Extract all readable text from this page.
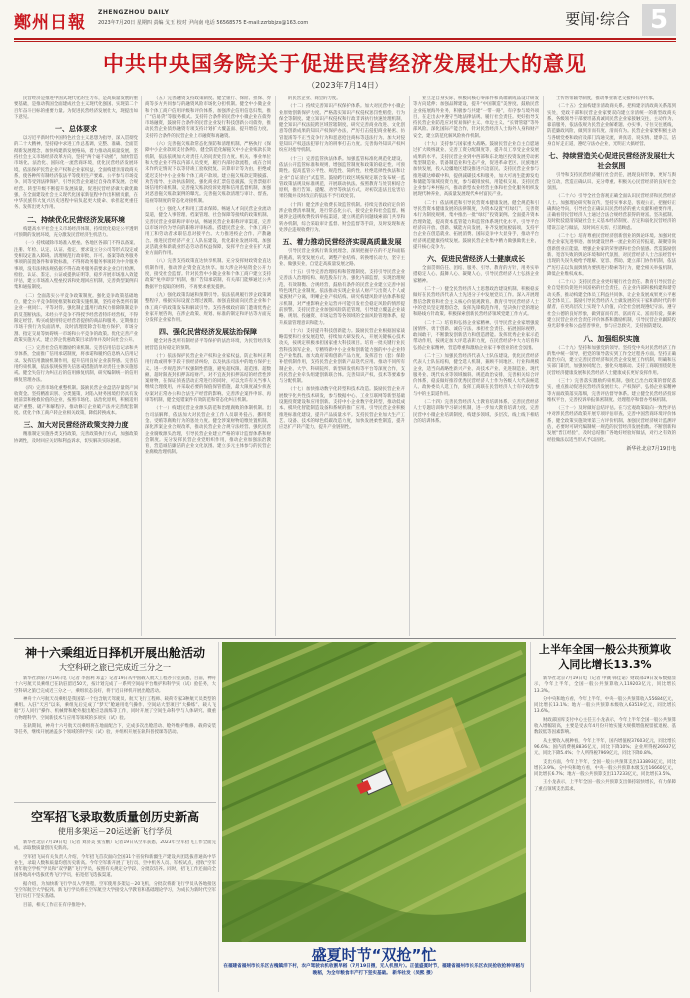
鄭州日報
ZHENGZHOU DAILY
2023年7月20日 星期四 责编 戈玉 校对 尹向南 电话 56568575 E-mail:zzrbbjzx@163.com	要闻·综合 5
中共中央国务院关于促进民营经济发展壮大的意见
（2023年7月14日）

民营经济是推进中国式现代化的生力军，是高质量发展的重要基础，是推动我国全面建成社会主义现代化强国、实现第二个百年奋斗目标的重要力量。为促进民营经济发展壮大，现提出如下意见。

一、总体要求

以习近平新时代中国特色社会主义思想为指导，深入贯彻党的二十大精神，坚持稳中求进工作总基调，完整、准确、全面贯彻新发展理念，加快构建新发展格局，着力推动高质量发展，坚持社会主义市场经济改革方向，坚持“两个毫不动摇”，加快营造市场化、法治化、国际化一流营商环境，优化民营经济发展环境，依法保护民营企业产权和企业家权益，全面构建亲清政商关系，使各种所有制经济依法平等使用生产要素、公平参与市场竞争、同等受到法律保护，引导民营企业通过自身改革发展、合规经营、转型升级不断提升发展质量，促进民营经济做大做优做强，在全面建设社会主义现代化国家新征程中作出积极贡献，在中华民族伟大复兴历史进程中肩负起更大使命、承担起更重任务、发挥出更大作用。

二、持续优化民营经济发展环境

构建高水平社会主义市场经济体制，持续优化稳定公平透明可预期的发展环境，充分激发民营经济生机活力。

（一）持续破除市场准入壁垒。各地区各部门不得以备案、注册、年检、认定、认证、指定、要求设立分公司等形式设定或变相设定准入障碍。清理规范行政审批、许可、备案等政务服务事项的前置条件和审批标准，不得将政务服务事项转为中介服务事项，没有法律法规依据不得在政务服务前要求企业自行检测、检验、认证、鉴定、公证或提供证明等，稳步开展市场准入效能评估，建立市场准入壁垒投诉和处理回应机制，完善典型案例归集和通报制度。

（二）全面落实公平竞争政策制度。强化竞争政策基础地位，健全公平竞争制度框架和政策实施机制，坚持对各类所有制企业一视同仁、平等对待。强化制止滥用行政权力排除限制竞争的反垄断执法。未经公平竞争不得授予经营者特许经营权，不得限定经营、购买或使用特定经营者提供的商品和服务。定期推出市场干预行为负面清单，及时清理废除含有地方保护、市场分割、指定交易等妨碍统一市场和公平竞争的政策。优化完善产业政策实施方式，建立涉企优惠政策目录清单并及时向社会公开。

（三）完善社会信用激励约束机制。完善信用信息记录和共享体系，全面推广信用承诺制度，将承诺和履约信息纳入信用记录。发挥信用激励机制作用，提升信用良好企业获得感。完善信用约束机制，依法依规按照失信惩戒措施清单对责任主体实施惩戒。健全失信行为纠正后的信用修复机制，研究编制统一的信用修复管理办法。

（四）完善市场化重整机制。鼓励民营企业盘活存量资产回收资金。坚持精准识别、分类施策，对陷入财务困境但仍具有发展前景和挽救价值的企业，按照市场化、法治化原则，积极适用破产重整、破产和解程序。推动修订企业破产法并完善配套制度。优化个体工商户转企业相关政策，降低转换成本。

三、加大对民营经济政策支持力度

精准制定实施各类支持政策，完善政策执行方式，加强政策协调性，及时回应关切和利益诉求，切实解决实际困难。

（五）完善融资支持政策制度。健全银行、保险、担保、券商等多方共同参与的融资风险市场化分担机制。健全中小微企业和个体工商户信用评级和评价体系，加强涉企信用信息归集，推广“信易贷”等服务模式。支持符合条件的民营中小微企业在债券市场融资，鼓励符合条件的民营企业发行科技创新公司债券，推动民营企业债券融资专项支持计划扩大覆盖面、提升增信力度。支持符合条件的民营企业上市融资和再融资。

（六）完善拖欠账款常态化预防和清理机制。严格执行《保障中小企业款项支付条例》，健全防范化解拖欠中小企业账款长效机制，依法依规加大对责任人的问责处罚力度。机关、事业单位和大型企业不得以内部人员变更，履行内部付款流程，或在合同未作约定情况下以等待竣工验收批复、决算审计等为由，拒绝或延迟支付中小企业和个体工商户款项。建立拖欠账款定期披露、劝告指导、主动执法制度。强化商业汇票信息披露，完善票据市场信用约束机制。完善拖欠账款投诉处理和信用监督机制，加强对恶意拖欠账款案例的曝光。完善拖欠账款清理与审计、督查、巡视等制度的常态化对接机制。

（七）强化人才和用工需求保障。畅通人才向民营企业流动渠道，健全人事管理、档案管理、社会保障等接续的政策机制。完善民营企业职称评审办法，畅通民营企业职称评审渠道，完善以市场评价为导向的职称评审标准。搭建民营企业、个体工商户用工和劳动者求职信息对接平台。大力推进校企合作、产教融合。推进民营经济产业工人队伍建设，优化职业发展环境。加强灵活就业和新就业形态劳动者权益保障，发挥平台企业在扩大就业方面的作用。

（八）完善支持政策直达快享机制。充分发挥财政资金直达机制作用，推动涉企资金直达快享。加大涉企补贴资金公开力度，接受社会监督。针对民营中小微企业和个体工商户建立支持政策“免申即享”机制，推广告知承诺制，有关部门能够通过公共数据平台提取的材料，不再要求重复提供。

（九）强化政策沟通和预期引导。依法依规履行涉企政策调整程序，根据实际设置合理过渡期。加强直接面向民营企业和个体工商户的政策发布和解读引导。支持各级政府部门邀请优秀企业家开展咨询，在涉企政策、规划、标准的制定和评估等方面充分发挥企业家作用。

四、强化民营经济发展法治保障

健全对各类所有制经济平等保护的法治环境，为民营经济发展营造良好稳定的预期。

（十）依法保护民营企业产权和企业家权益。防止和纠正利用行政或刑事手段干预经济纠纷，以及执法司法中的地方保护主义。进一步规范涉产权强制性措施，避免超权限、超范围、超数额、超时限查封扣押冻结财产。对不宜查封扣押冻结的经营性涉案财物，在保证侦查活动正常进行的同时，可以允许有关当事人继续合理使用，并采取必要的保值保管措施，最大限度减少侦查办案对正常办公和合法生产经营的影响。完善涉企案件申诉、再审等机制，健全冤错案件有效防范和常态化纠正机制。

（十一）构建民营企业源头防范和治理腐败的体制机制。出台司法解释，依法加大对民营企业工作人员职务侵占、挪用资金、受贿等腐败行为的惩处力度。健全涉案财物追缴处置机制。深化涉案企业合规改革，推动民营企业合规守法经营。强化民营企业腐败源头治理，引导民营企业建立严格的审计监督体系和财会制度。充分发挥民营企业党组织作用，推动企业加强法治教育，营造诚信廉洁的企业文化氛围。建立多元主体参与的民营企业腐败治理机制。

的民营企业、商会的力度。

（十二）持续完善知识产权保护体系。加大对民营中小微企业原始创新保护力度。严格落实知识产权侵权惩罚性赔偿、行为保全等制度。建立知识产权侵权和行政非诉执行快速处理机制，健全知识产权法院跨区域管辖制度。研究完善商业改进、文化创意等创新成果的知识产权保护办法，严厉打击侵犯商业秘密、仿冒混淆等不正当竞争行为和恶意抢注商标等违法行为。加大对侵犯知识产权违法犯罪行为的刑事打击力度。完善海外知识产权纠纷应对指导机制。

（十三）完善监管执法体系。加强监管标准化规范化建设，依法公开监管标准和规则，增强监管制度和政策的稳定性、可预期性。提高监管公平性、规范性、简约性，杜绝选择性执法和让企业“自证清白”式监管。鼓励跨行政区域按规定联合发布统一监管政策法规及标准规范，开展联动执法。按照教育与处罚相结合原则，推行告知、提醒、劝导等执法方式，对初次违法且危害后果轻微并及时改正的依法不予行政处罚。

（十四）健全涉企收费长效监管机制。持续完善政府定价的涉企收费清单制度，进行常态化公示，接受企业和社会监督。畅通涉企违规收费投诉举报渠道，建立规范的问题线索部门共享和转办机制，综合采取审计监督、财会监督等手段，及时发现和查处涉企违规收费行为。

五、着力推动民营经济实现高质量发展

引导民营企业践行新发展理念，深刻把握存在的不足和面临的挑战，转变发展方式、调整产业结构、转换增长动力，坚守主业、做强实业，自觉走高质量发展之路。

（十五）引导完善治理结构和管理制度。支持引导民营企业完善法人治理结构、规范股东行为、强化内部监督，实现治理规范、有效制衡、合规经营，鼓励有条件的民营企业建立完善中国特色现代企业制度。依法推动实现企业法人财产与出资人个人或家族财产分离，明晰企业产权结构。研究构建风险评估体系和提示机制，对严重影响企业运营并可能引发社会稳定风险的情形提前预警。支持民营企业加强风险防范管理，引导建立覆盖企业战略、规划、投融资、市场运营等各领域的全面风险管理体系，提升质量管理意识和能力。

（十六）支持提升科技创新能力。鼓励民营企业根据国家战略需要和行业发展趋势，持续加大研发投入，开展关键核心技术攻关，按规定积极承担国家重大科技项目。培育一批关键行业民营科技领军企业、专精特新中小企业和创新能力强的中小企业特色产业集群。加大政府采购创新产品力度，发挥首台（套）保险补偿机制作用，支持民营企业创新产品迭代应用。推动不同所有制企业、大学、科研院所、新型研发机构等平台等深度合作，支持民营企业牵头组建创新联合体。完善知识产权、技术等要素参与分配机制。

（十七）加快推动数字化转型和技术改造。鼓励民营企业开展数字化共性技术研发，参与数据中心、工业互联网等新型基础设施投资建设和应用创新。支持中小企业数字化转型，推动低成本、模块化智能制造设备和系统的推广应用。引导民营企业积极推进标准化建设，提升产品质量水平。支持民营企业加大生产工艺、设备、技术的绿色低碳改造力度，加快发展柔性制造，提升应急扩产转产能力，提升产业链韧性。

业立足自身实际，积极向核心零部件和高端制成品设计研发等方向延伸；加强品牌建设，提升“中国制造”美誉度。鼓励民营企业拓展海外业务，积极参与共建“一带一路”，有序参与境外项目，在走出去中遵守当地法律法规、履行社会责任。更好指导支持民营企业防范应对贸易保护主义、单边主义、“长臂管辖”等外部风险。深化国际产能合作，针对民营经济人士海外人身和财产安全，建立防范化解风险协作机制。

（十九）支持参与国家重大战略。鼓励民营企业自主自愿通过扩大吸纳就业、完善工资分配制度等，提升员工享受企业发展成果的水平。支持民营企业到中西部和东北地区投资发展劳动密集型制造业、装备制造业和生态产业，促进革命老区、民族地区加快发展，投入边疆地区建设推进兴边富民。支持民营企业参与推进碳达峰碳中和，提供减碳技术和服务，加大可再生能源发电和储能等领域投资力度，参与碳排放权、用能权交易。支持民营企业参与乡村振兴，推动新型农业经营主体和社会化服务组织发展现代种养业，高质量发展现代乡村富民产业。

（二十）依法规范和引导民营资本健康发展。健全规范和引导民营资本健康发展的法律制度，为资本设置“红绿灯”，完善资本行为制度规则，集中推出一批“绿灯”投资案例。全面提升资本治理效能，提高资本监管能力和监管体系现代化水平。引导平台经济向开放、创新、赋能方向发展，补齐发展短板弱项，支持平台企业在创造就业、拓展消费、国际竞争中大显身手，推动平台经济规范健康持续发展。鼓励民营企业集中精力做强做优主业，提升核心竞争力。

六、促进民营经济人士健康成长

全面贯彻信任、团结、服务、引导、教育的方针，用务实举措稳定人心、鼓舞人心、凝聚人心，引导民营经济人士弘扬企业家精神。

（二十一）健全民营经济人士思想政治建设机制。积极稳妥做好在民营经济代表人士先进分子中发展党员工作。深入开展理想信念教育和社会主义核心价值观教育。教育引导民营经济人士中的党员坚定理想信念，发挥先锋模范作用，坚决执行党的理论和路线方针政策。积极探索创新民营经济领域党建工作方式。

（二十二）培育和弘扬企业家精神。引导民营企业家增强爱国情怀、勇于创新、诚信守法、承担社会责任、拓展国际视野，敢闯敢干，不断激发创新活力和创造潜能。发挥优秀企业家示范带动作用，按规定加大评选表彰力度，在民营经济中大力培育和弘扬企业家精神，营造尊重和激励企业家干事创业的社会氛围。

（二十三）加强民营经济代表人士队伍建设。优化民营经济代表人士队伍结构，健全选人机制，兼顾不同地区、行业和规模企业，适当向战略性新兴产业、高技术产业、先进制造业、现代服务业、现代农业等领域倾斜。规范政治安排，完善相关综合评价体系，稳妥做好推荐优秀民营经济人士作为各级人大代表候选人、政协委员人选工作，发挥工商联在民营经济人士有序政治参与中的主渠道作用。

（二十四）完善民营经济人士教育培训体系。完善民营经济人士专题培训和学习研讨机制，进一步加大教育培训力度。完善民营中小微企业培训制度，构建多领域、多层次、线上线下相结合的培训体系。

士传帮带辅导制度，推动事业新老交接和有序传承。

（二十五）全面构建亲清政商关系。把构建亲清政商关系落到实处，党政干部和民营企业家要双向建立亲清统一的新型政商关系。各级领导干部要坦荡真诚同民营企业家接触交往，主动作为、靠前服务，依法依规为民营企业解难题、办实事，守住交往底线，防范廉政风险，做到亲而有度、清而有为。民营企业家要积极主动与各级党委和政府及部门沟通交流，讲真话、说实情、建诤言，洁身自好走正道，遵纪守法办企业，光明正大搞经营。

七、持续营造关心促进民营经济发展壮大社会氛围

引导和支持民营经济履行社会责任，展现良好形象，更好与舆论互动，营造正确认识、充分尊重、积极关心民营经济的良好社会氛围。

（二十六）引导全社会客观正确全面认识民营经济和民营经济人士。加强理论研究和宣传，坚持实事求是、客观公正，把握好正确舆论导向，引导社会正确认识民营经济的重大贡献和重要作用，正确看待民营经济人士通过合法合规经营获得的财富。坚决抵制、及时批驳澄清质疑社会主义基本经济制度、否定和弱化民营经济的错误言论与做法，及时回应关切、打消顾虑。

（二十七）培育尊重民营经济创新创业的舆论环境。加强对优秀企业家先进事迹、加快建设世界一流企业的宣传报道，凝聚崇尚创新创业正能量，增强企业家的荣誉感和社会价值感。营造鼓励创新、宽容失败的舆论环境和时代氛围，对民营经济人士合法经营中出现的失误失败给予理解、宽容、帮助。建立部门协作机制，依法严厉打击以负面舆情为要挟进行勒索等行为，健全相关举报机制，降低企业维权成本。

（二十八）支持民营企业更好履行社会责任。教育引导民营企业自觉担负促进共同富裕的社会责任，在企业内部积极构建和谐劳动关系，推动构建全体员工利益共同体，让企业发展成果更公平惠及全体员工。鼓励引导民营经济人士做发展的实干家和新时代的奉献者，在更高层次上实现个人价值，向全社会展现遵纪守法、遵守社会公德的良好形象，做到富而有责、富而有义、富而有爱。探索建立民营企业社会责任评价体系和激励机制，引导民营企业踊跃投身光彩事业和公益慈善事业，参与应急救灾，支持国防建设。

八、加强组织实施

（二十九）坚持和加强党的领导。坚持党中央对民营经济工作的集中统一领导，把党的领导落实到工作全过程各方面。坚持正确政治方向，建立完善民营经济和民营企业发展工作机制，明确和压实部门职责，加强协同配合，强化央地联动。支持工商联围绕促进民营经济健康发展和民营经济人士健康成长更好发挥作用。

（三十）完善落实激励约束机制。强化已出台政策的督促落实，重点推动促进民营经济发展壮大、产权保护、弘扬企业家精神等方面政策落实落细，完善评估督导体系。建立健全民营经济投诉维权平台，完善投诉举报保密制度、处理程序和督办考核机制。

（三十一）及时做好总结评估。在与宏观政策取向一致性评估中对涉民营经济政策开展专项评估审查。完善中国营商环境评价体系，健全政策实施效果第三方评价机制。加强民营经济统计监测评估，必要时可研究编制统一规范的民营经济发展指数。不断创新和发展“晋江经验”，及时总结推广各地好经验好做法，对行之有效的经验做法以适当形式予以固化。

新华社北京7月19日电

神十六乘组近日择机开展出舱活动
大空科研之旅已完成近三分之一

新华社酒泉7月19日电（记者 李国利 邓孟）记者19日从中国载人航天工程办公室获悉，目前，神舟十六号航天员乘组已在轨驻留近50天，按计划完成了一系列空间站平台维护和科学实（试）验任务，大空科研之旅已完成近三分之一，乘组状态良好，将于近日择机开展出舱活动。

神舟十六号航天员乘组是我国第一个包含航天驾驶员、航天飞行工程师、载荷专家3种航天员类型的乘组。入驻“天宫”以来，乘组先后完成了“梦天”舱通用电气操作、空间站大型项目“大操练”、载人飞船“万人同行”操作、机械臂和舱外服出舱应急演练等工作，同时开展了空间生命科学与人体研究、微重力物理科学、空间新技术与应用等领域的多项实（试）验。

在轨期间，神舟十六号航天员乘组将在地面配合下，完成多次出舱活动、舱外维护维修、载荷安装等任务，继续开展涵盖多个领域的科学实（试）验，并组织开展在轨科普授课等活动。

空军招飞录取数质量创历史新高
使用多架运－20运送新飞行学员

新华社北京7月19日电（记者 刘济美 张雪鹏）记者19日从空军获悉，2023年空军招飞工作全面完成，录取数质量创历史新高。

空军招飞局有关负责人介绍，今年招飞首次面向全国31个省份和新疆生产建设兵团选拔普通高中毕业生，录取人数和质量均创历史新高。今年空军新开展了飞行员、空中机务人员、军校试点，招收“空军青年航空学校”学员和“双学籍”飞行学员，按照有关规定分学段、分批次培养。同时，招飞工作还面向全国各地高中选拔优秀飞行学员，拓宽招飞选拔渠道。

据介绍，为加快新飞行学员入学进程，空军使用多架运－20飞机，分批次将新飞行学员从各地接送至空军航空大学报到。新飞行学员将在空军航空大学接受入学教育和基础理论学习，为成长为新时代空军飞行员打下坚实基础。

目前，相关工作正在有序推进中。

盛夏时节“双抢”忙
在福建省福州市长乐区古槐镇洋下村，农户驾驶农机收割早稻（7月19日摄，无人机照片）。正值盛夏时节，福建省福州市长乐区农民抢收抢种早稻与晚稻，为全年粮食丰产打下坚实基础。 新华社发（吴熙 摄）
上半年全国一般公共预算收入同比增长13.3%

新华社北京7月19日电（记者 申铖 韩佳诺）财政部19日发布数据显示，今年上半年，全国一般公共预算收入119203亿元，同比增长13.3%。

分中央和地方看，今年上半年，中央一般公共预算收入55684亿元，同比增长13.1%；地方一般公共预算本级收入63519亿元，同比增长13.6%。

财政部国库支付中心主任王小龙表示，今年上半年全国一般公共预算收入增幅较高，主要是受去年4月份开始实施大规模增值税留抵退税、基数较低等因素影响。

从主要收入税种看，今年上半年，国内增值税37603亿元，同比增长96.6%；国内消费税8836亿元，同比下降10%；企业所得税26937亿元，同比下降5.4%；个人所得税7969亿元，同比下降0.8%。

支出方面，今年上半年，全国一般公共预算支出133893亿元，同比增长3.9%。分中央和地方看，中央一般公共预算本级支出16660亿元，同比增长6.7%；地方一般公共预算支出117233亿元，同比增长3.5%。

王小龙表示，上半年全国一般公共预算支出保持较快增长，有力保障了重点领域支出需求。
